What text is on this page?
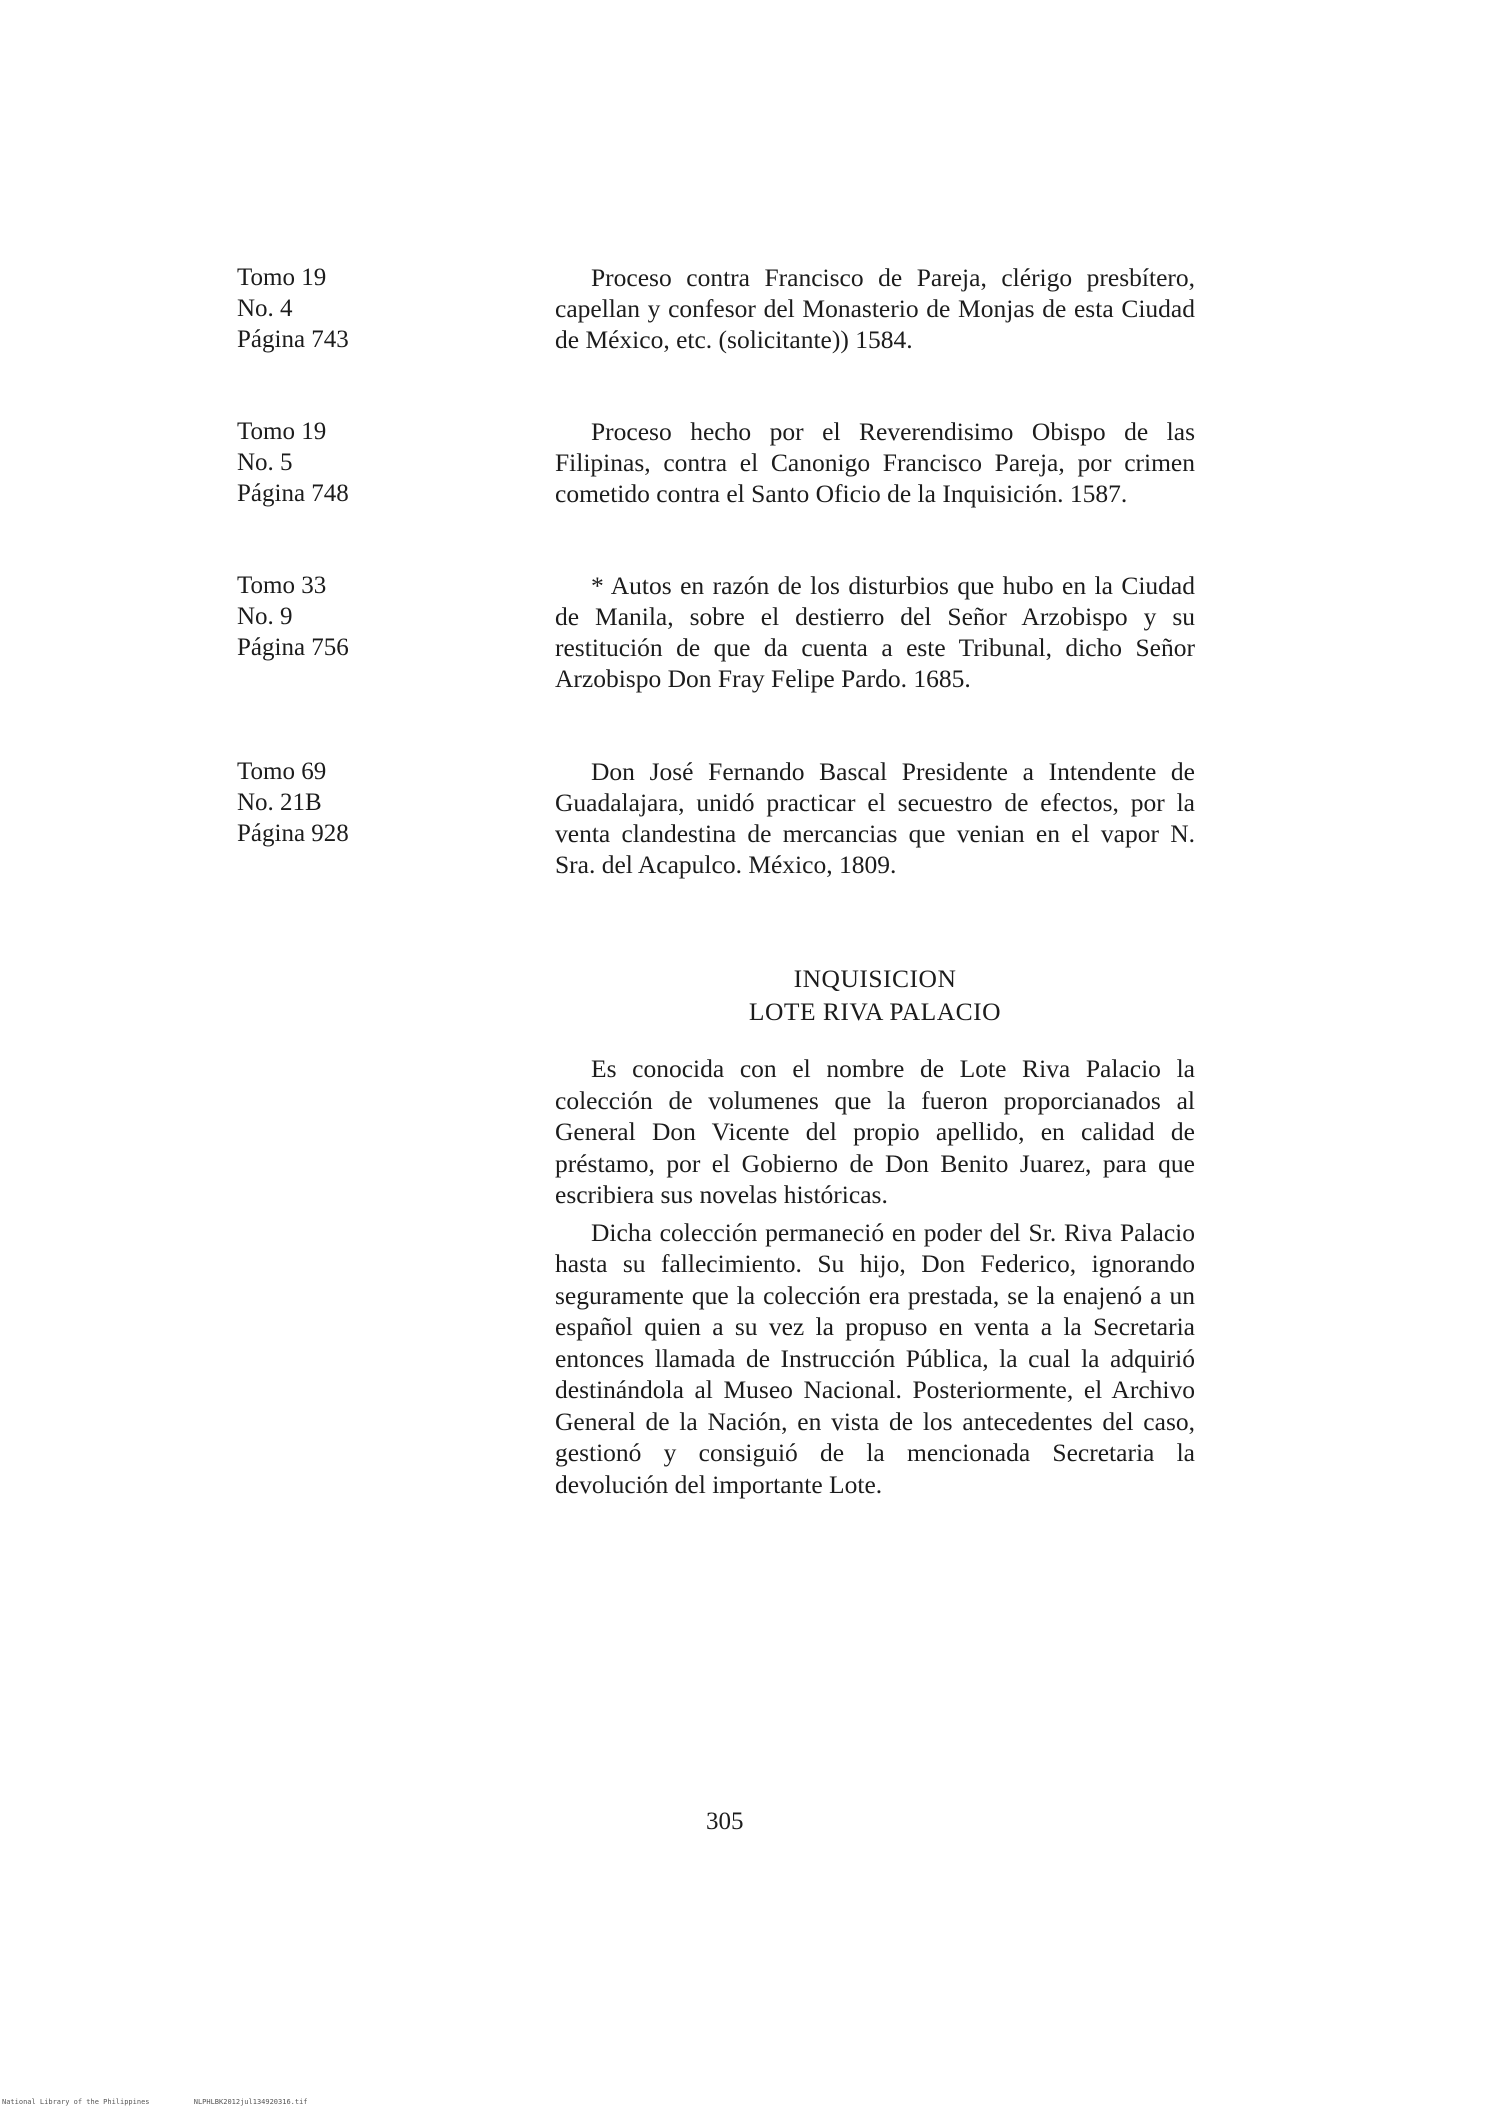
Tomo 19
No. 4
Página 743

Proceso contra Francisco de Pareja, clérigo presbítero, capellan y confesor del Monasterio de Monjas de esta Ciudad de México, etc. (solicitante)) 1584.

Tomo 19
No. 5
Página 748

Proceso hecho por el Reverendisimo Obispo de las Filipinas, contra el Canonigo Francisco Pareja, por crimen cometido contra el Santo Oficio de la Inquisición. 1587.

Tomo 33
No. 9
Página 756

* Autos en razón de los disturbios que hubo en la Ciudad de Manila, sobre el destierro del Señor Arzobispo y su restitución de que da cuenta a este Tribunal, dicho Señor Arzobispo Don Fray Felipe Pardo. 1685.

Tomo 69
No. 21B
Página 928

Don José Fernando Bascal Presidente a Intendente de Guadalajara, unidó practicar el secuestro de efectos, por la venta clandestina de mercancias que venian en el vapor N. Sra. del Acapulco. México, 1809.

INQUISICION
LOTE RIVA PALACIO

Es conocida con el nombre de Lote Riva Palacio la colección de volumenes que la fueron proporcianados al General Don Vicente del propio apellido, en calidad de préstamo, por el Gobierno de Don Benito Juarez, para que escribiera sus novelas históricas.

Dicha colección permaneció en poder del Sr. Riva Palacio hasta su fallecimiento. Su hijo, Don Federico, ignorando seguramente que la colección era prestada, se la enajenó a un español quien a su vez la propuso en venta a la Secretaria entonces llamada de Instrucción Pública, la cual la adquirió destinándola al Museo Nacional. Posteriormente, el Archivo General de la Nación, en vista de los antecedentes del caso, gestionó y consiguió de la mencionada Secretaria la devolución del importante Lote.

305
National Library of the Philippines	NLPHLBK2012jul134920316.tif
